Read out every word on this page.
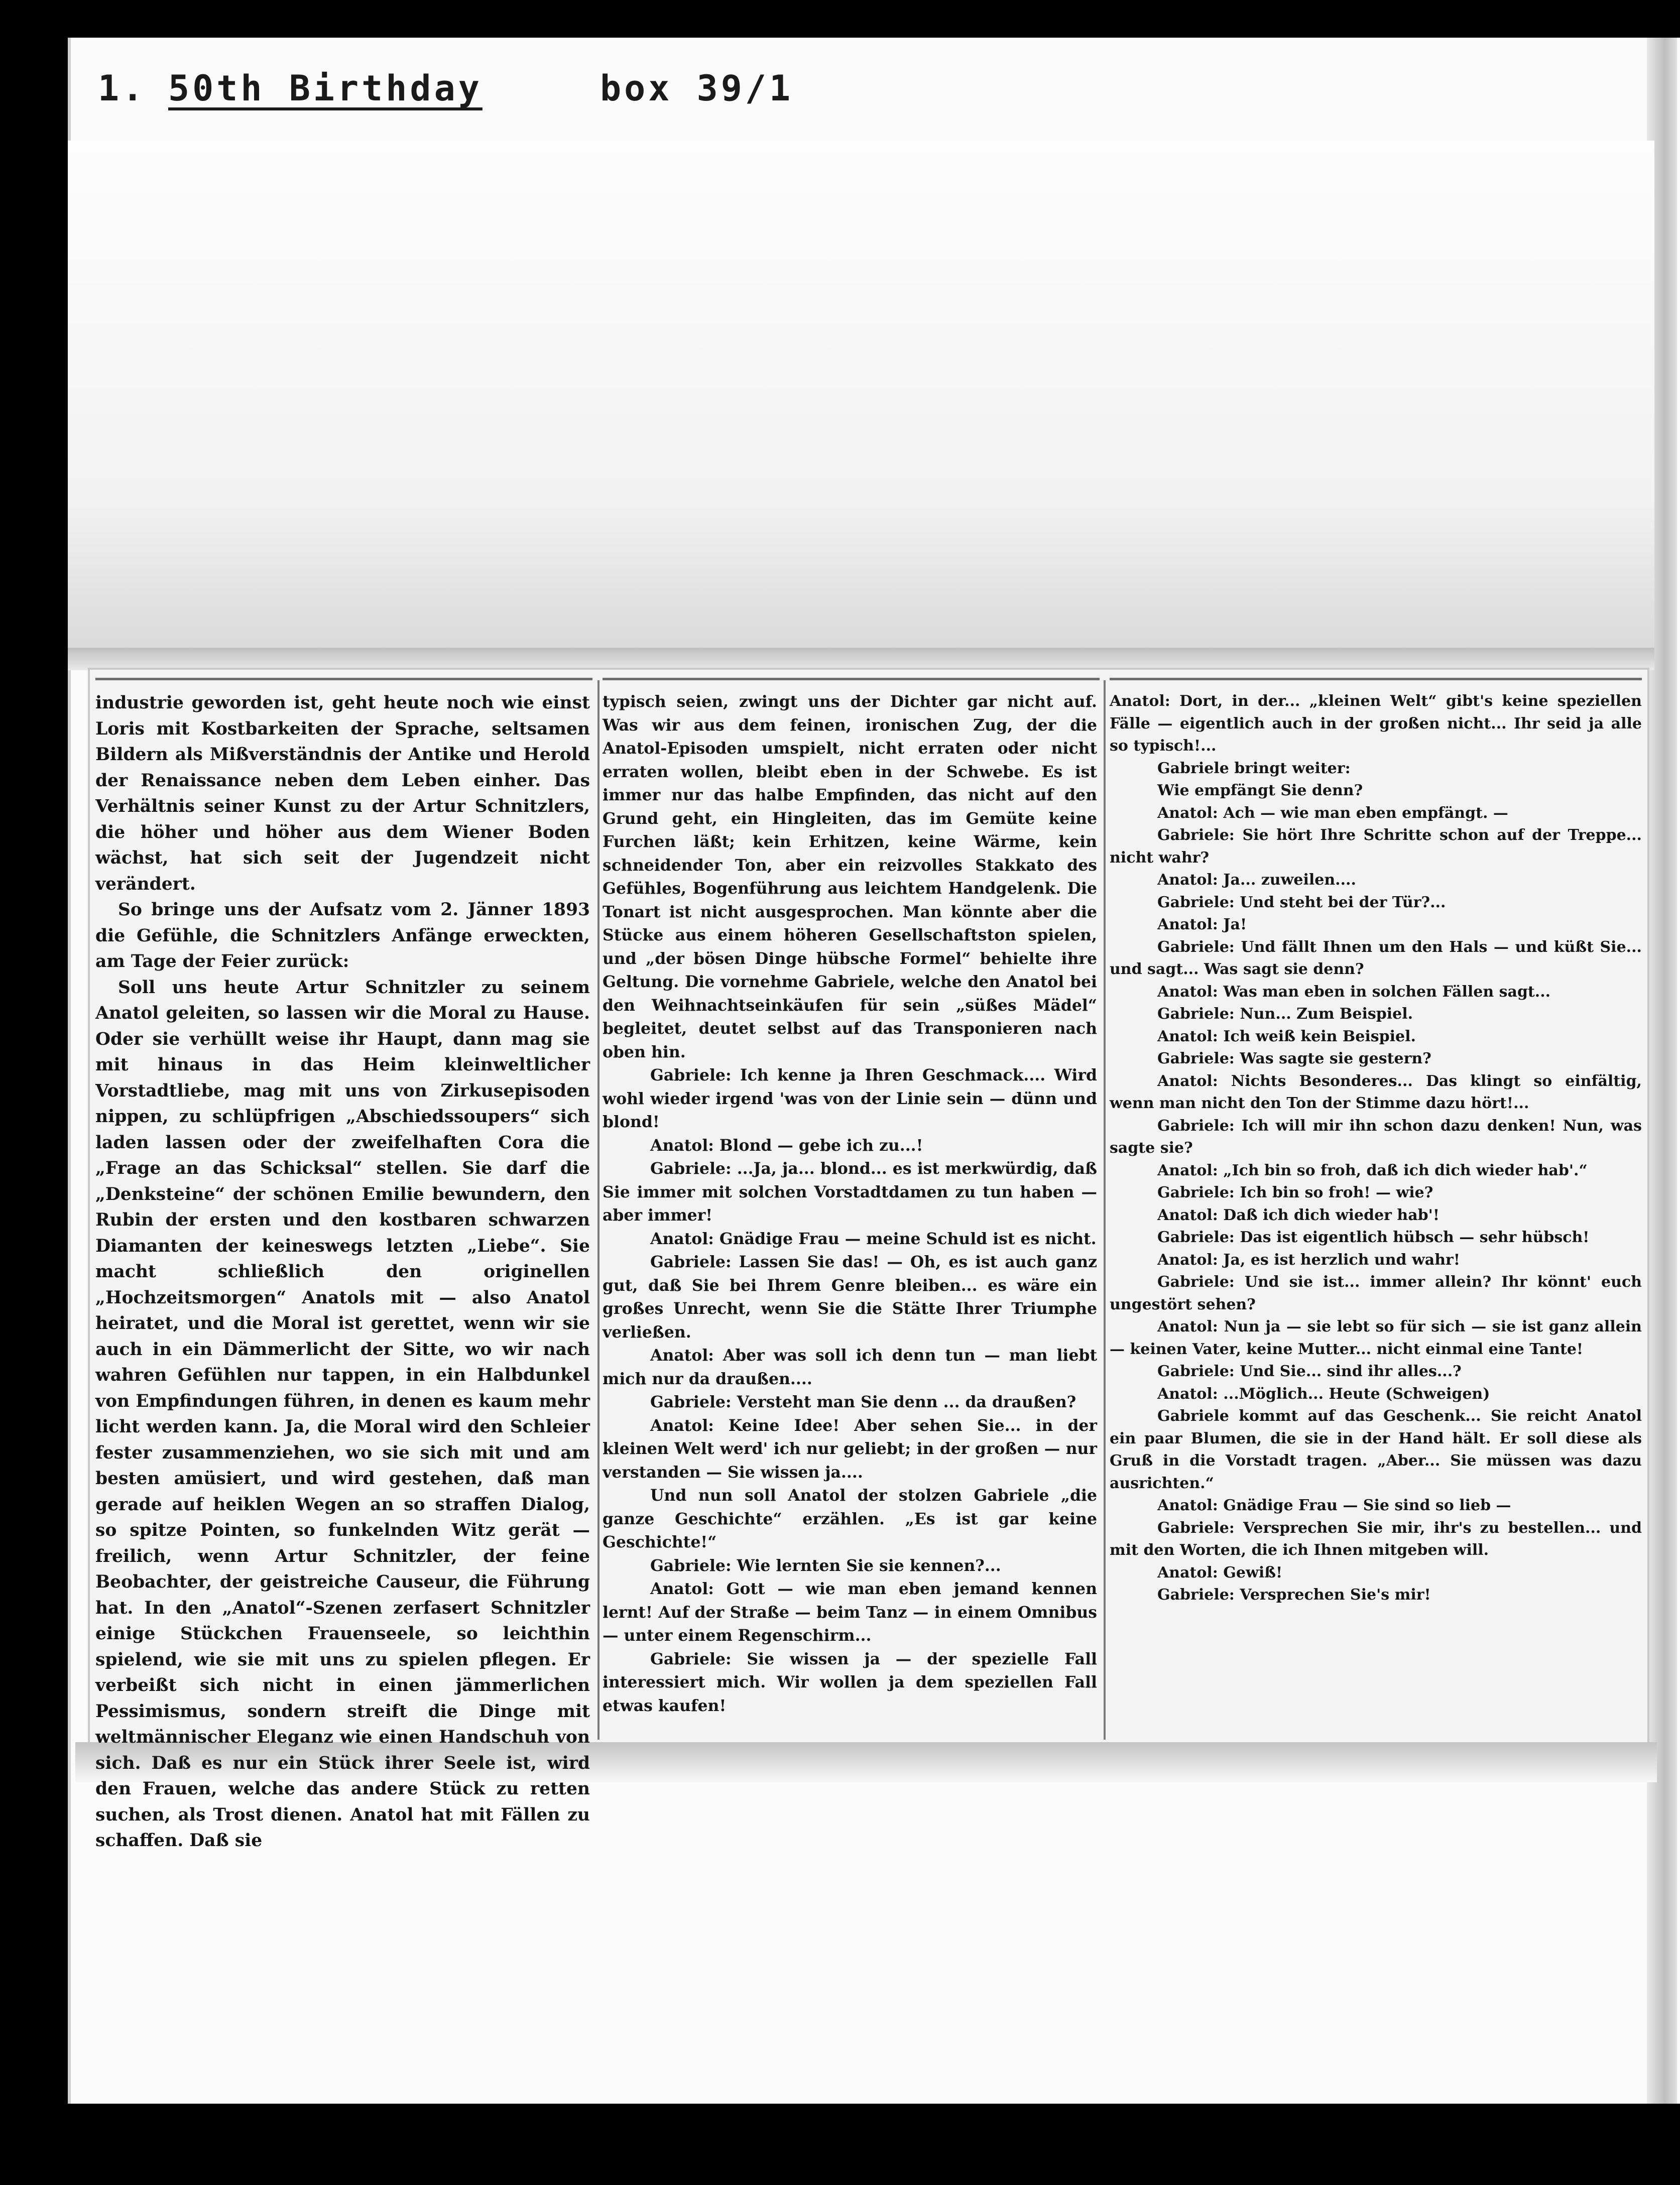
1. 50th Birthday	box 39/1

industrie geworden ist, geht heute noch wie einst Loris mit Kostbarkeiten der Sprache, seltsamen Bildern als Mißverständnis der Antike und Herold der Renaissance neben dem Leben einher. Das Verhältnis seiner Kunst zu der Artur Schnitzlers, die höher und höher aus dem Wiener Boden wächst, hat sich seit der Jugendzeit nicht verändert.

So bringe uns der Aufsatz vom 2. Jänner 1893 die Gefühle, die Schnitzlers Anfänge erweckten, am Tage der Feier zurück:

Soll uns heute Artur Schnitzler zu seinem Anatol geleiten, so lassen wir die Moral zu Hause. Oder sie verhüllt weise ihr Haupt, dann mag sie mit hinaus in das Heim kleinweltlicher Vorstadtliebe, mag mit uns von Zirkusepisoden nippen, zu schlüpfrigen „Abschiedssoupers“ sich laden lassen oder der zweifelhaften Cora die „Frage an das Schicksal“ stellen. Sie darf die „Denksteine“ der schönen Emilie bewundern, den Rubin der ersten und den kostbaren schwarzen Diamanten der keineswegs letzten „Liebe“. Sie macht schließlich den originellen „Hochzeitsmorgen“ Anatols mit — also Anatol heiratet, und die Moral ist gerettet, wenn wir sie auch in ein Dämmerlicht der Sitte, wo wir nach wahren Gefühlen nur tappen, in ein Halbdunkel von Empfindungen führen, in denen es kaum mehr licht werden kann. Ja, die Moral wird den Schleier fester zusammenziehen, wo sie sich mit und am besten amüsiert, und wird gestehen, daß man gerade auf heiklen Wegen an so straffen Dialog, so spitze Pointen, so funkelnden Witz gerät — freilich, wenn Artur Schnitzler, der feine Beobachter, der geistreiche Causeur, die Führung hat. In den „Anatol“-Szenen zerfasert Schnitzler einige Stückchen Frauenseele, so leichthin spielend, wie sie mit uns zu spielen pflegen. Er verbeißt sich nicht in einen jämmerlichen Pessimismus, sondern streift die Dinge mit weltmännischer Eleganz wie einen Handschuh von sich. Daß es nur ein Stück ihrer Seele ist, wird den Frauen, welche das andere Stück zu retten suchen, als Trost dienen. Anatol hat mit Fällen zu schaffen. Daß sie

typisch seien, zwingt uns der Dichter gar nicht auf. Was wir aus dem feinen, ironischen Zug, der die Anatol-Episoden umspielt, nicht erraten oder nicht erraten wollen, bleibt eben in der Schwebe. Es ist immer nur das halbe Empfinden, das nicht auf den Grund geht, ein Hingleiten, das im Gemüte keine Furchen läßt; kein Erhitzen, keine Wärme, kein schneidender Ton, aber ein reizvolles Stakkato des Gefühles, Bogenführung aus leichtem Handgelenk. Die Tonart ist nicht ausgesprochen. Man könnte aber die Stücke aus einem höheren Gesellschaftston spielen, und „der bösen Dinge hübsche Formel“ behielte ihre Geltung. Die vornehme Gabriele, welche den Anatol bei den Weihnachtseinkäufen für sein „süßes Mädel“ begleitet, deutet selbst auf das Transponieren nach oben hin.

Gabriele: Ich kenne ja Ihren Geschmack.... Wird wohl wieder irgend 'was von der Linie sein — dünn und blond!

Anatol: Blond — gebe ich zu...!

Gabriele: ...Ja, ja... blond... es ist merkwürdig, daß Sie immer mit solchen Vorstadtdamen zu tun haben — aber immer!

Anatol: Gnädige Frau — meine Schuld ist es nicht.

Gabriele: Lassen Sie das! — Oh, es ist auch ganz gut, daß Sie bei Ihrem Genre bleiben... es wäre ein großes Unrecht, wenn Sie die Stätte Ihrer Triumphe verließen.

Anatol: Aber was soll ich denn tun — man liebt mich nur da draußen....

Gabriele: Versteht man Sie denn ... da draußen?

Anatol: Keine Idee! Aber sehen Sie... in der kleinen Welt werd' ich nur geliebt; in der großen — nur verstanden — Sie wissen ja....

Und nun soll Anatol der stolzen Gabriele „die ganze Geschichte“ erzählen. „Es ist gar keine Geschichte!“

Gabriele: Wie lernten Sie sie kennen?...

Anatol: Gott — wie man eben jemand kennen lernt! Auf der Straße — beim Tanz — in einem Omnibus — unter einem Regenschirm...

Gabriele: Sie wissen ja — der spezielle Fall interessiert mich. Wir wollen ja dem speziellen Fall etwas kaufen!

Anatol: Dort, in der... „kleinen Welt“ gibt's keine speziellen Fälle — eigentlich auch in der großen nicht... Ihr seid ja alle so typisch!...

Gabriele bringt weiter:

Wie empfängt Sie denn?

Anatol: Ach — wie man eben empfängt. —

Gabriele: Sie hört Ihre Schritte schon auf der Treppe... nicht wahr?

Anatol: Ja... zuweilen....

Gabriele: Und steht bei der Tür?...

Anatol: Ja!

Gabriele: Und fällt Ihnen um den Hals — und küßt Sie... und sagt... Was sagt sie denn?

Anatol: Was man eben in solchen Fällen sagt...

Gabriele: Nun... Zum Beispiel.

Anatol: Ich weiß kein Beispiel.

Gabriele: Was sagte sie gestern?

Anatol: Nichts Besonderes... Das klingt so einfältig, wenn man nicht den Ton der Stimme dazu hört!...

Gabriele: Ich will mir ihn schon dazu denken! Nun, was sagte sie?

Anatol: „Ich bin so froh, daß ich dich wieder hab'.“

Gabriele: Ich bin so froh! — wie?

Anatol: Daß ich dich wieder hab'!

Gabriele: Das ist eigentlich hübsch — sehr hübsch!

Anatol: Ja, es ist herzlich und wahr!

Gabriele: Und sie ist... immer allein? Ihr könnt' euch ungestört sehen?

Anatol: Nun ja — sie lebt so für sich — sie ist ganz allein — keinen Vater, keine Mutter... nicht einmal eine Tante!

Gabriele: Und Sie... sind ihr alles...?

Anatol: ...Möglich... Heute (Schweigen)

Gabriele kommt auf das Geschenk... Sie reicht Anatol ein paar Blumen, die sie in der Hand hält. Er soll diese als Gruß in die Vorstadt tragen. „Aber... Sie müssen was dazu ausrichten.“

Anatol: Gnädige Frau — Sie sind so lieb —

Gabriele: Versprechen Sie mir, ihr's zu bestellen... und mit den Worten, die ich Ihnen mitgeben will.

Anatol: Gewiß!

Gabriele: Versprechen Sie's mir!
